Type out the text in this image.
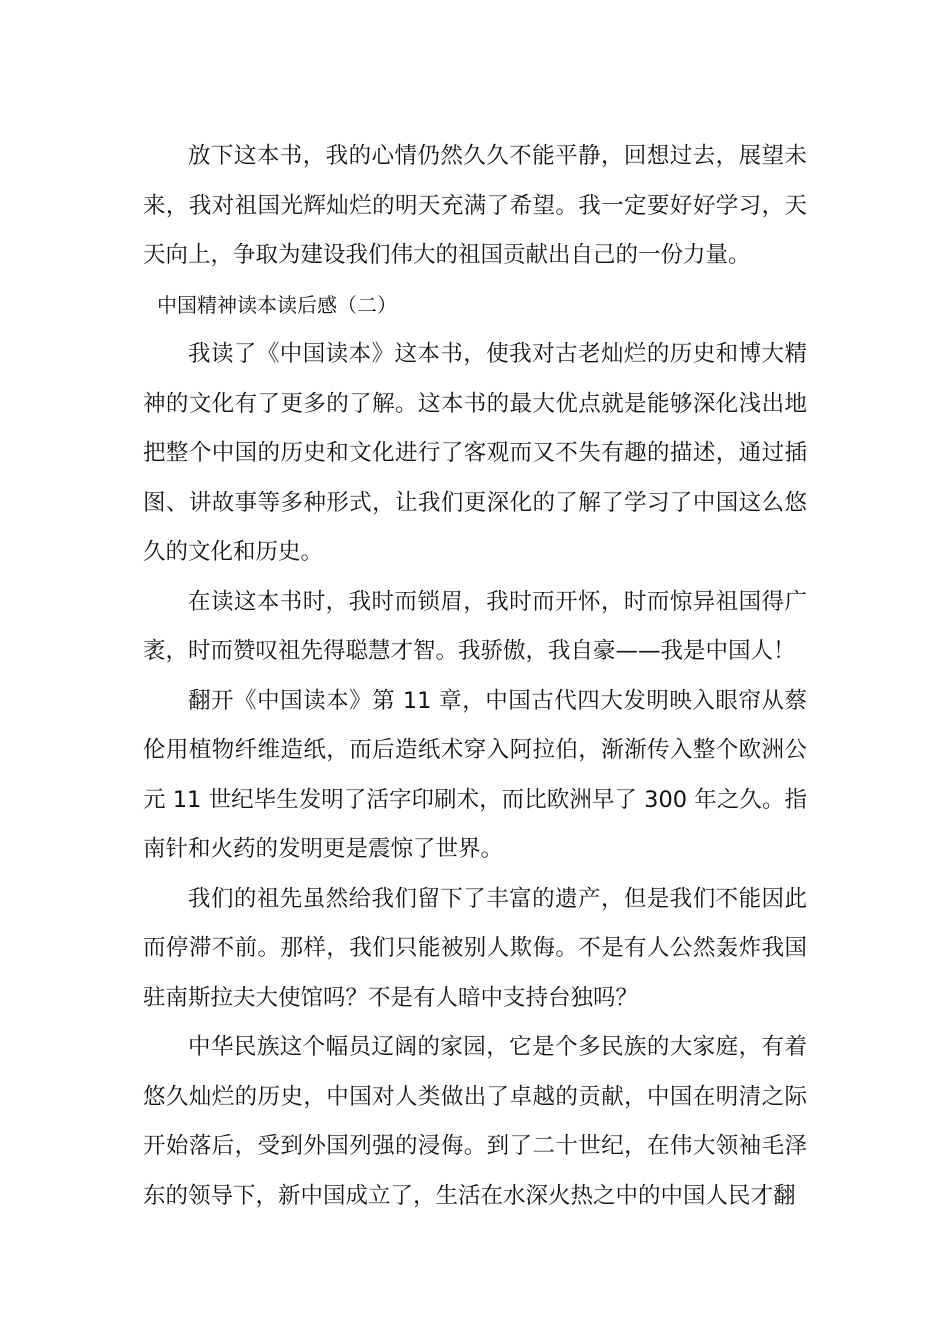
放下这本书，我的心情仍然久久不能平静，回想过去，展望未来，我对祖国光辉灿烂的明天充满了希望。我一定要好好学习，天天向上，争取为建设我们伟大的祖国贡献出自己的一份力量。

中国精神读本读后感（二）

我读了《中国读本》这本书，使我对古老灿烂的历史和博大精神的文化有了更多的了解。这本书的最大优点就是能够深化浅出地把整个中国的历史和文化进行了客观而又不失有趣的描述，通过插图、讲故事等多种形式，让我们更深化的了解了学习了中国这么悠久的文化和历史。

在读这本书时，我时而锁眉，我时而开怀，时而惊异祖国得广袤，时而赞叹祖先得聪慧才智。我骄傲，我自豪——我是中国人！

翻开《中国读本》第 11 章，中国古代四大发明映入眼帘从蔡伦用植物纤维造纸，而后造纸术穿入阿拉伯，渐渐传入整个欧洲公元 11 世纪毕生发明了活字印刷术，而比欧洲早了 300 年之久。指南针和火药的发明更是震惊了世界。

我们的祖先虽然给我们留下了丰富的遗产，但是我们不能因此而停滞不前。那样，我们只能被别人欺侮。不是有人公然轰炸我国驻南斯拉夫大使馆吗？不是有人暗中支持台独吗？

中华民族这个幅员辽阔的家园，它是个多民族的大家庭，有着悠久灿烂的历史，中国对人类做出了卓越的贡献，中国在明清之际开始落后，受到外国列强的浸侮。到了二十世纪，在伟大领袖毛泽东的领导下，新中国成立了，生活在水深火热之中的中国人民才翻
